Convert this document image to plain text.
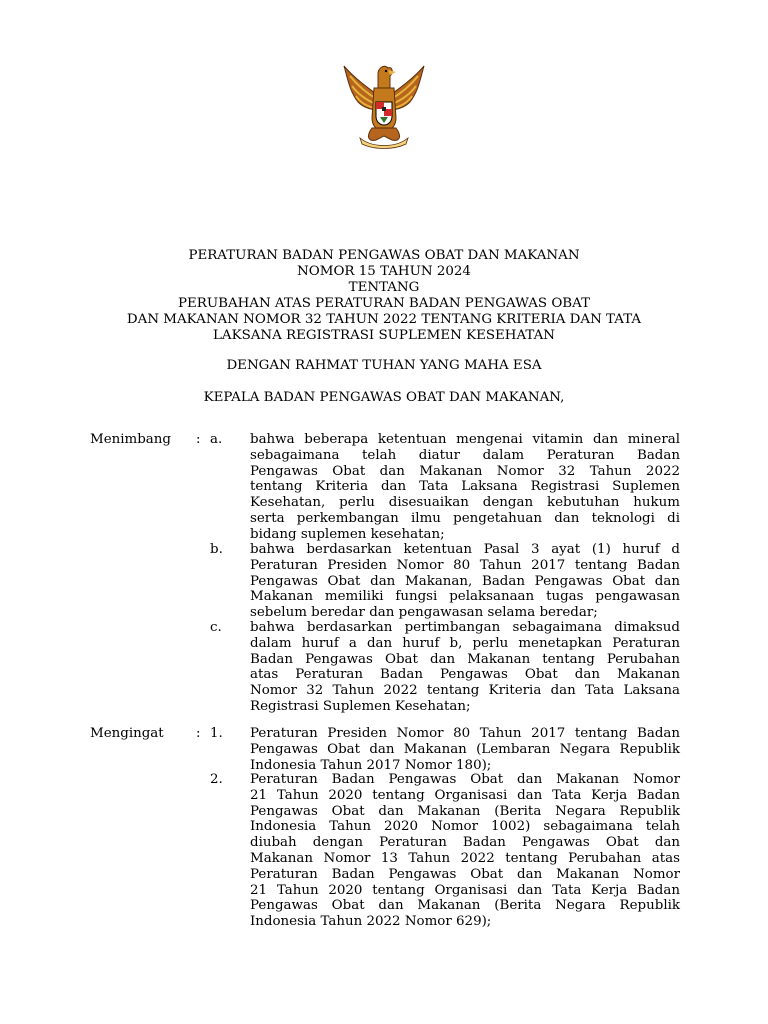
PERATURAN BADAN PENGAWAS OBAT DAN MAKANAN
NOMOR 15 TAHUN 2024
TENTANG
PERUBAHAN ATAS PERATURAN BADAN PENGAWAS OBAT
DAN MAKANAN NOMOR 32 TAHUN 2022 TENTANG KRITERIA DAN TATA
LAKSANA REGISTRASI SUPLEMEN KESEHATAN
DENGAN RAHMAT TUHAN YANG MAHA ESA
KEPALA BADAN PENGAWAS OBAT DAN MAKANAN,
Menimbang : a. bahwa beberapa ketentuan mengenai vitamin dan mineral
sebagaimana telah diatur dalam Peraturan Badan
Pengawas Obat dan Makanan Nomor 32 Tahun 2022
tentang Kriteria dan Tata Laksana Registrasi Suplemen
Kesehatan, perlu disesuaikan dengan kebutuhan hukum
serta perkembangan ilmu pengetahuan dan teknologi di
bidang suplemen kesehatan;
b. bahwa berdasarkan ketentuan Pasal 3 ayat (1) huruf d
Peraturan Presiden Nomor 80 Tahun 2017 tentang Badan
Pengawas Obat dan Makanan, Badan Pengawas Obat dan
Makanan memiliki fungsi pelaksanaan tugas pengawasan
sebelum beredar dan pengawasan selama beredar;
c. bahwa berdasarkan pertimbangan sebagaimana dimaksud
dalam huruf a dan huruf b, perlu menetapkan Peraturan
Badan Pengawas Obat dan Makanan tentang Perubahan
atas Peraturan Badan Pengawas Obat dan Makanan
Nomor 32 Tahun 2022 tentang Kriteria dan Tata Laksana
Registrasi Suplemen Kesehatan;
Mengingat : 1. Peraturan Presiden Nomor 80 Tahun 2017 tentang Badan
Pengawas Obat dan Makanan (Lembaran Negara Republik
Indonesia Tahun 2017 Nomor 180);
2. Peraturan Badan Pengawas Obat dan Makanan Nomor
21 Tahun 2020 tentang Organisasi dan Tata Kerja Badan
Pengawas Obat dan Makanan (Berita Negara Republik
Indonesia Tahun 2020 Nomor 1002) sebagaimana telah
diubah dengan Peraturan Badan Pengawas Obat dan
Makanan Nomor 13 Tahun 2022 tentang Perubahan atas
Peraturan Badan Pengawas Obat dan Makanan Nomor
21 Tahun 2020 tentang Organisasi dan Tata Kerja Badan
Pengawas Obat dan Makanan (Berita Negara Republik
Indonesia Tahun 2022 Nomor 629);
